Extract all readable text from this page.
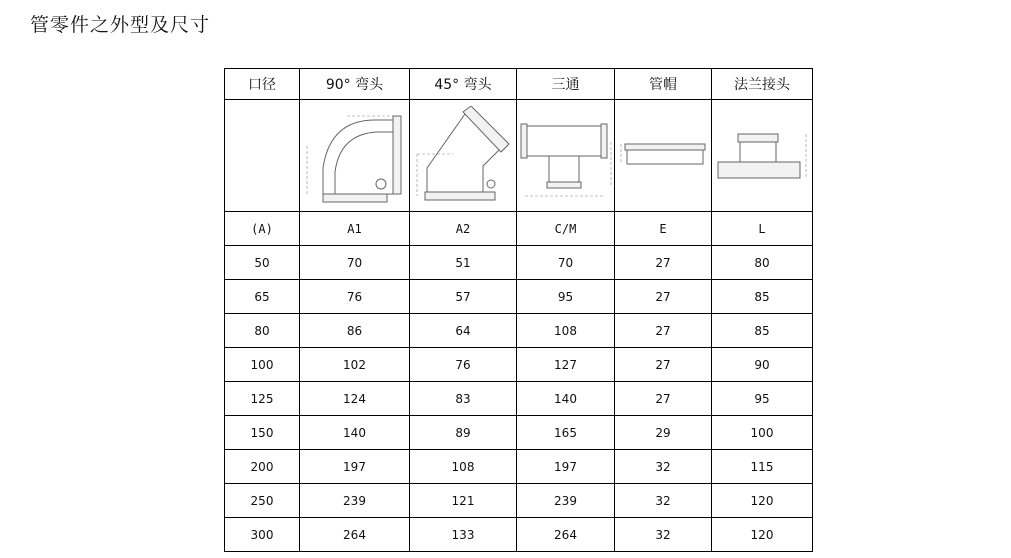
管零件之外型及尺寸
口径	90° 弯头	45° 弯头	三通	管帽	法兰接头

(A)	A1	A2	C/M	E	L
50	70	51	70	27	80
65	76	57	95	27	85
80	86	64	108	27	85
100	102	76	127	27	90
125	124	83	140	27	95
150	140	89	165	29	100
200	197	108	197	32	115
250	239	121	239	32	120
300	264	133	264	32	120
